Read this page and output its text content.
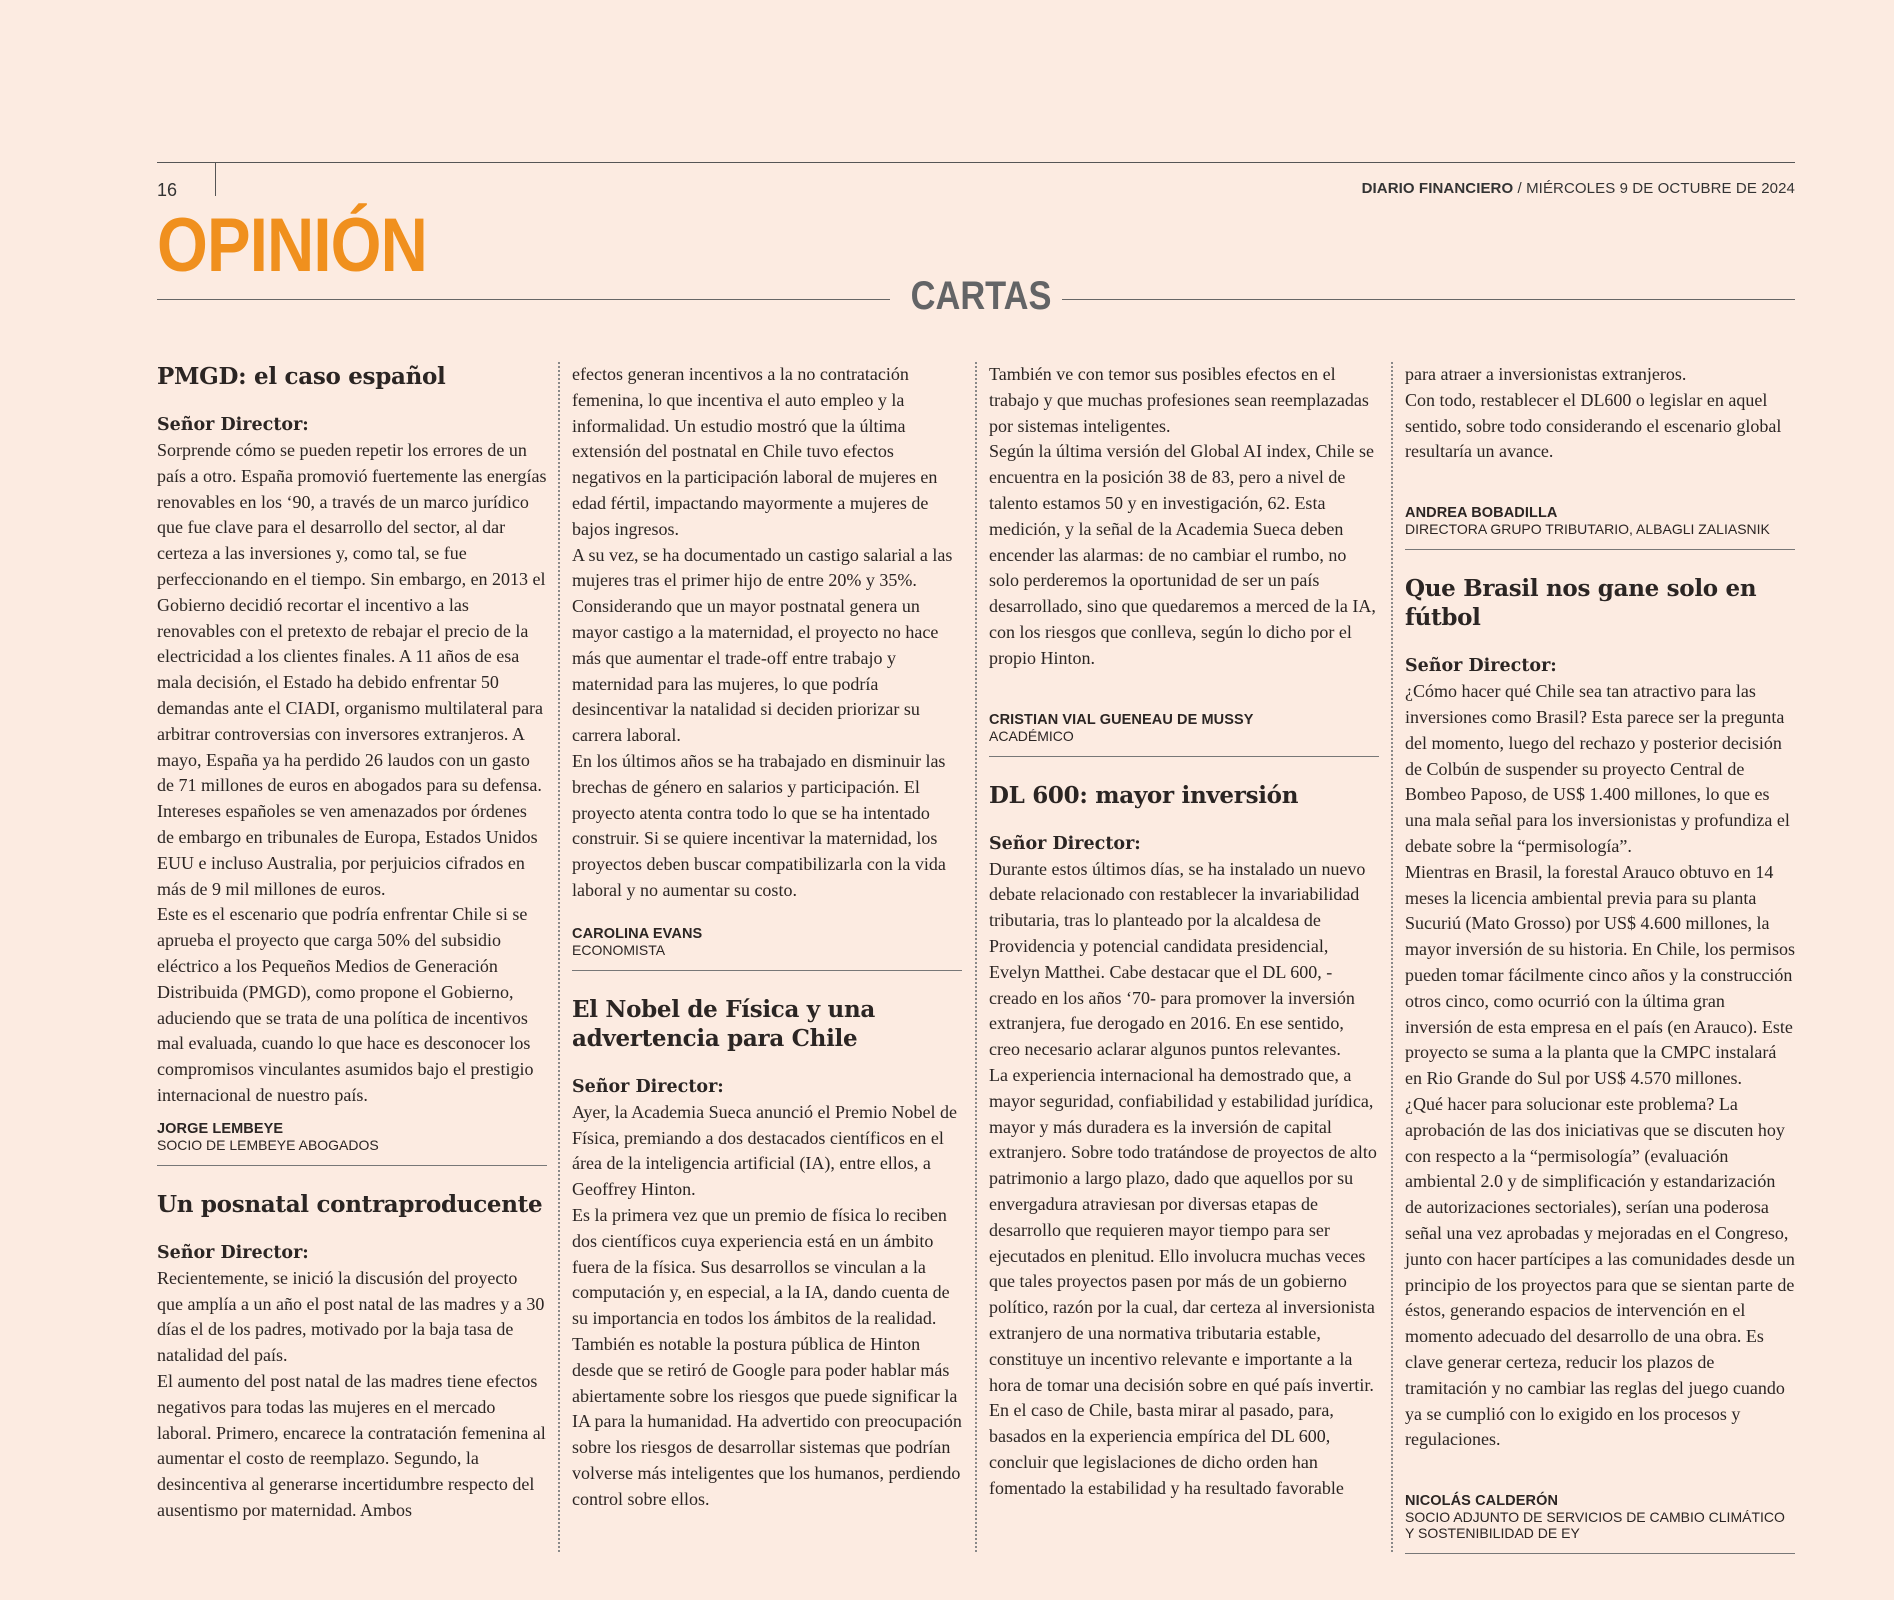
16	DIARIO FINANCIERO / MIÉRCOLES 9 DE OCTUBRE DE 2024
OPINIÓN
CARTAS
PMGD: el caso español

Señor Director:

Sorprende cómo se pueden repetir los errores de un país a otro. España promovió fuertemente las energías renovables en los ‘90, a través de un marco jurídico que fue clave para el desarrollo del sector, al dar certeza a las inversiones y, como tal, se fue perfeccionando en el tiempo. Sin embargo, en 2013 el Gobierno decidió recortar el incentivo a las renovables con el pretexto de rebajar el precio de la electricidad a los clientes finales. A 11 años de esa mala decisión, el Estado ha debido enfrentar 50 demandas ante el CIADI, organismo multilateral para arbitrar controversias con inversores extranjeros. A mayo, España ya ha perdido 26 laudos con un gasto de 71 millones de euros en abogados para su defensa. Intereses españoles se ven amenazados por órdenes de embargo en tribunales de Europa, Estados Unidos EUU e incluso Australia, por perjuicios cifrados en más de 9 mil millones de euros.

Este es el escenario que podría enfrentar Chile si se aprueba el proyecto que carga 50% del subsidio eléctrico a los Pequeños Medios de Generación Distribuida (PMGD), como propone el Gobierno, aduciendo que se trata de una política de incentivos mal evaluada, cuando lo que hace es desconocer los compromisos vinculantes asumidos bajo el prestigio internacional de nuestro país.

JORGE LEMBEYE
SOCIO DE LEMBEYE ABOGADOS
Un posnatal contraproducente

Señor Director:

Recientemente, se inició la discusión del proyecto que amplía a un año el post natal de las madres y a 30 días el de los padres, motivado por la baja tasa de natalidad del país.

El aumento del post natal de las madres tiene efectos negativos para todas las mujeres en el mercado laboral. Primero, encarece la contratación femenina al aumentar el costo de reemplazo. Segundo, la desincentiva al generarse incertidumbre respecto del ausentismo por maternidad. Ambos

efectos generan incentivos a la no contratación femenina, lo que incentiva el auto empleo y la informalidad. Un estudio mostró que la última extensión del postnatal en Chile tuvo efectos negativos en la participación laboral de mujeres en edad fértil, impactando mayormente a mujeres de bajos ingresos.

A su vez, se ha documentado un castigo salarial a las mujeres tras el primer hijo de entre 20% y 35%. Considerando que un mayor postnatal genera un mayor castigo a la maternidad, el proyecto no hace más que aumentar el trade-off entre trabajo y maternidad para las mujeres, lo que podría desincentivar la natalidad si deciden priorizar su carrera laboral.

En los últimos años se ha trabajado en disminuir las brechas de género en salarios y participación. El proyecto atenta contra todo lo que se ha intentado construir. Si se quiere incentivar la maternidad, los proyectos deben buscar compatibilizarla con la vida laboral y no aumentar su costo.

CAROLINA EVANS
ECONOMISTA
El Nobel de Física y una advertencia para Chile

Señor Director:

Ayer, la Academia Sueca anunció el Premio Nobel de Física, premiando a dos destacados científicos en el área de la inteligencia artificial (IA), entre ellos, a Geoffrey Hinton.

Es la primera vez que un premio de física lo reciben dos científicos cuya experiencia está en un ámbito fuera de la física. Sus desarrollos se vinculan a la computación y, en especial, a la IA, dando cuenta de su importancia en todos los ámbitos de la realidad.

También es notable la postura pública de Hinton desde que se retiró de Google para poder hablar más abiertamente sobre los riesgos que puede significar la IA para la humanidad. Ha advertido con preocupación sobre los riesgos de desarrollar sistemas que podrían volverse más inteligentes que los humanos, perdiendo control sobre ellos.

También ve con temor sus posibles efectos en el trabajo y que muchas profesiones sean reemplazadas por sistemas inteligentes.

Según la última versión del Global AI index, Chile se encuentra en la posición 38 de 83, pero a nivel de talento estamos 50 y en investigación, 62. Esta medición, y la señal de la Academia Sueca deben encender las alarmas: de no cambiar el rumbo, no solo perderemos la oportunidad de ser un país desarrollado, sino que quedaremos a merced de la IA, con los riesgos que conlleva, según lo dicho por el propio Hinton.

CRISTIAN VIAL GUENEAU DE MUSSY
ACADÉMICO
DL 600: mayor inversión

Señor Director:

Durante estos últimos días, se ha instalado un nuevo debate relacionado con restablecer la invariabilidad tributaria, tras lo planteado por la alcaldesa de Providencia y potencial candidata presidencial, Evelyn Matthei. Cabe destacar que el DL 600, -creado en los años ‘70- para promover la inversión extranjera, fue derogado en 2016. En ese sentido, creo necesario aclarar algunos puntos relevantes.

La experiencia internacional ha demostrado que, a mayor seguridad, confiabilidad y estabilidad jurídica, mayor y más duradera es la inversión de capital extranjero. Sobre todo tratándose de proyectos de alto patrimonio a largo plazo, dado que aquellos por su envergadura atraviesan por diversas etapas de desarrollo que requieren mayor tiempo para ser ejecutados en plenitud. Ello involucra muchas veces que tales proyectos pasen por más de un gobierno político, razón por la cual, dar certeza al inversionista extranjero de una normativa tributaria estable, constituye un incentivo relevante e importante a la hora de tomar una decisión sobre en qué país invertir.

En el caso de Chile, basta mirar al pasado, para, basados en la experiencia empírica del DL 600, concluir que legislaciones de dicho orden han fomentado la estabilidad y ha resultado favorable

para atraer a inversionistas extranjeros.

Con todo, restablecer el DL600 o legislar en aquel sentido, sobre todo considerando el escenario global resultaría un avance.

ANDREA BOBADILLA
DIRECTORA GRUPO TRIBUTARIO, ALBAGLI ZALIASNIK
Que Brasil nos gane solo en fútbol

Señor Director:

¿Cómo hacer qué Chile sea tan atractivo para las inversiones como Brasil? Esta parece ser la pregunta del momento, luego del rechazo y posterior decisión de Colbún de suspender su proyecto Central de Bombeo Paposo, de US$ 1.400 millones, lo que es una mala señal para los inversionistas y profundiza el debate sobre la “permisología”.

Mientras en Brasil, la forestal Arauco obtuvo en 14 meses la licencia ambiental previa para su planta Sucuriú (Mato Grosso) por US$ 4.600 millones, la mayor inversión de su historia. En Chile, los permisos pueden tomar fácilmente cinco años y la construcción otros cinco, como ocurrió con la última gran inversión de esta empresa en el país (en Arauco). Este proyecto se suma a la planta que la CMPC instalará en Rio Grande do Sul por US$ 4.570 millones.

¿Qué hacer para solucionar este problema? La aprobación de las dos iniciativas que se discuten hoy con respecto a la “permisología” (evaluación ambiental 2.0 y de simplificación y estandarización de autorizaciones sectoriales), serían una poderosa señal una vez aprobadas y mejoradas en el Congreso, junto con hacer partícipes a las comunidades desde un principio de los proyectos para que se sientan parte de éstos, generando espacios de intervención en el momento adecuado del desarrollo de una obra. Es clave generar certeza, reducir los plazos de tramitación y no cambiar las reglas del juego cuando ya se cumplió con lo exigido en los procesos y regulaciones.

NICOLÁS CALDERÓN
SOCIO ADJUNTO DE SERVICIOS DE CAMBIO CLIMÁTICO Y SOSTENIBILIDAD DE EY
